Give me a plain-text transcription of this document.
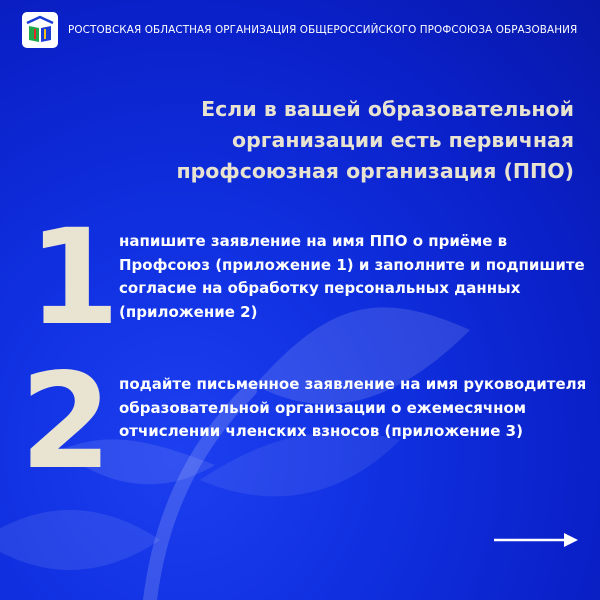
РОСТОВСКАЯ ОБЛАСТНАЯ ОРГАНИЗАЦИЯ ОБЩЕРОССИЙСКОГО ПРОФСОЮЗА ОБРАЗОВАНИЯ

Если в вашей образовательной организации есть первичная профсоюзная организация (ППО)

1 напишите заявление на имя ППО о приёме в Профсоюз (приложение 1) и заполните и подпишите согласие на обработку персональных данных (приложение 2)

2 подайте письменное заявление на имя руководителя образовательной организации о ежемесячном отчислении членских взносов (приложение 3)
